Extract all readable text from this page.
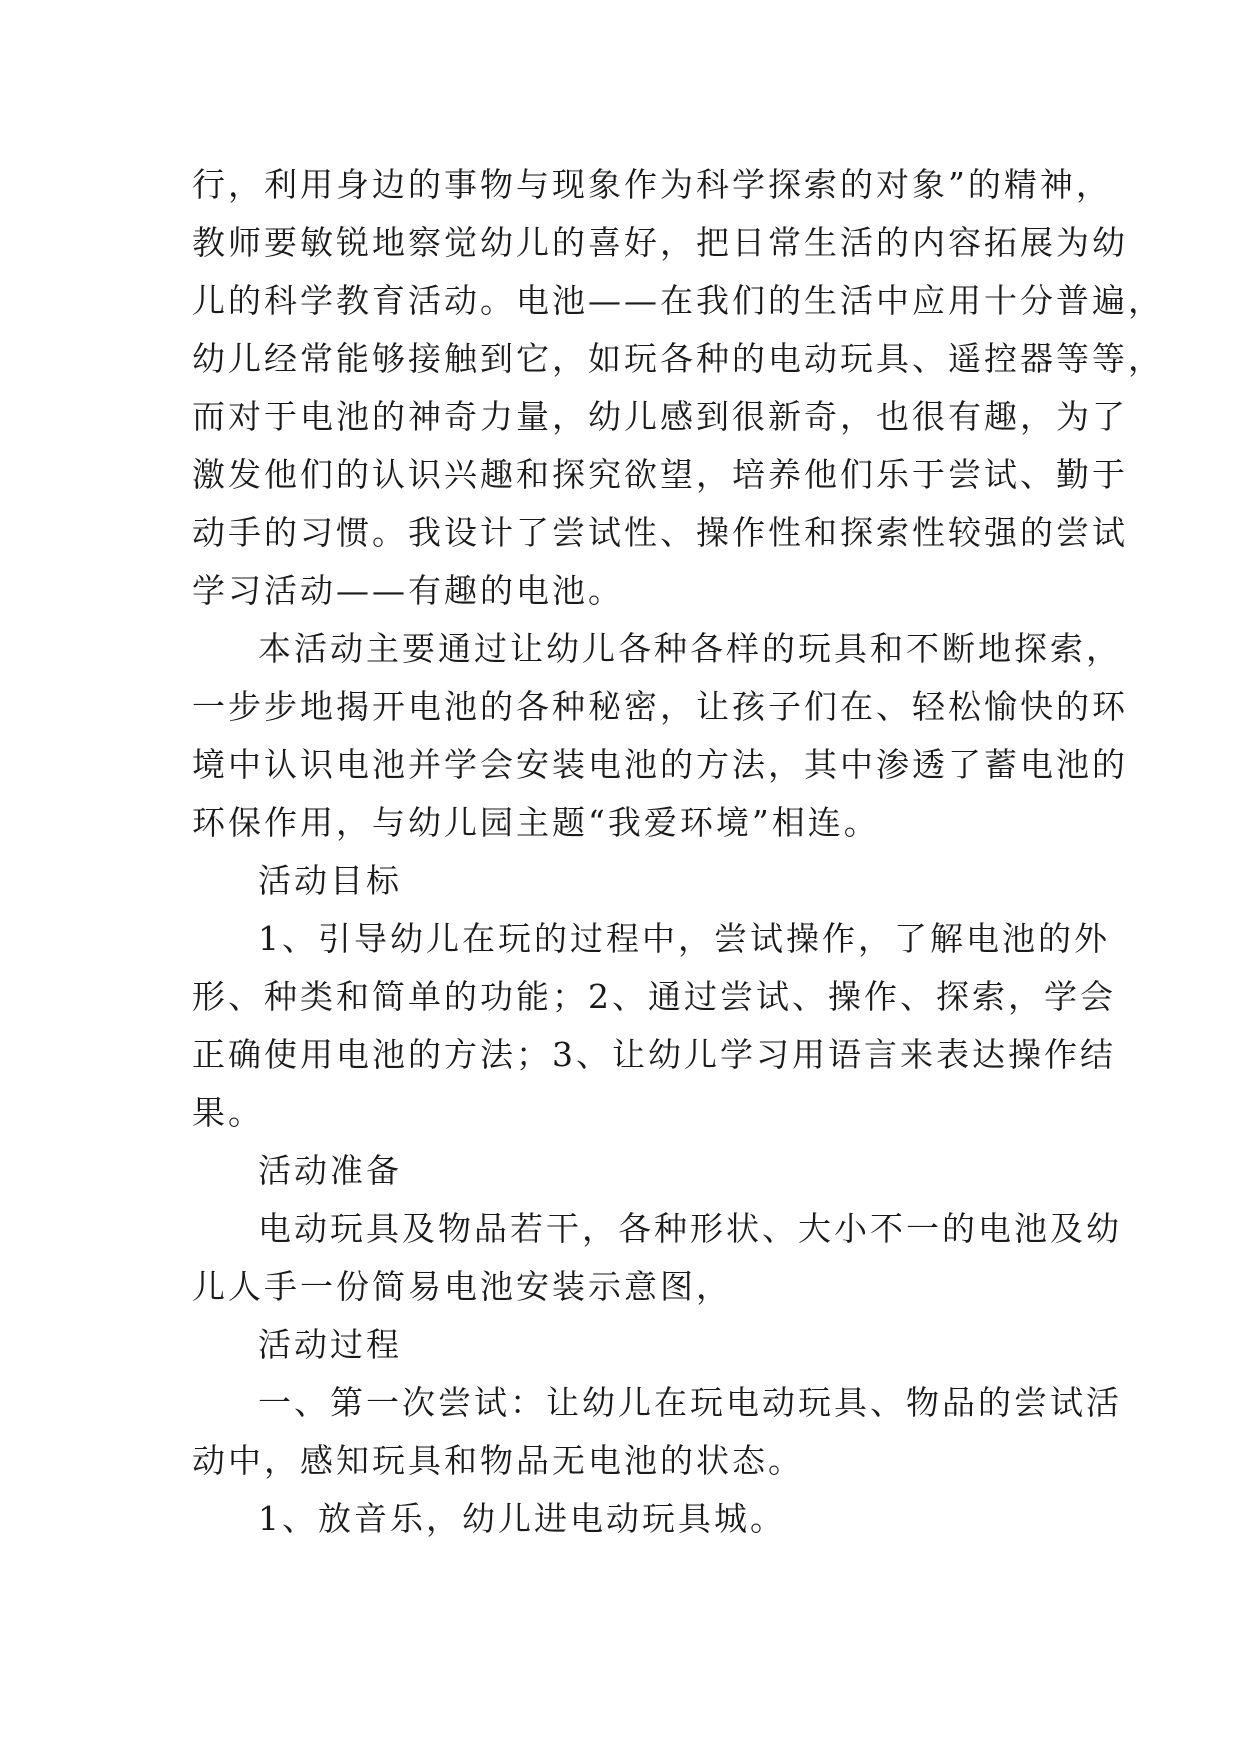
行，利用身边的事物与现象作为科学探索的对象”的精神，
教师要敏锐地察觉幼儿的喜好，把日常生活的内容拓展为幼
儿的科学教育活动。电池——在我们的生活中应用十分普遍，
幼儿经常能够接触到它，如玩各种的电动玩具、遥控器等等，
而对于电池的神奇力量，幼儿感到很新奇，也很有趣，为了
激发他们的认识兴趣和探究欲望，培养他们乐于尝试、勤于
动手的习惯。我设计了尝试性、操作性和探索性较强的尝试
学习活动——有趣的电池。
本活动主要通过让幼儿各种各样的玩具和不断地探索，
一步步地揭开电池的各种秘密，让孩子们在、轻松愉快的环
境中认识电池并学会安装电池的方法，其中渗透了蓄电池的
环保作用，与幼儿园主题“我爱环境”相连。
活动目标
1、引导幼儿在玩的过程中，尝试操作，了解电池的外
形、种类和简单的功能；2、通过尝试、操作、探索，学会
正确使用电池的方法；3、让幼儿学习用语言来表达操作结
果。
活动准备
电动玩具及物品若干，各种形状、大小不一的电池及幼
儿人手一份简易电池安装示意图，
活动过程
一、第一次尝试：让幼儿在玩电动玩具、物品的尝试活
动中，感知玩具和物品无电池的状态。
1、放音乐，幼儿进电动玩具城。
